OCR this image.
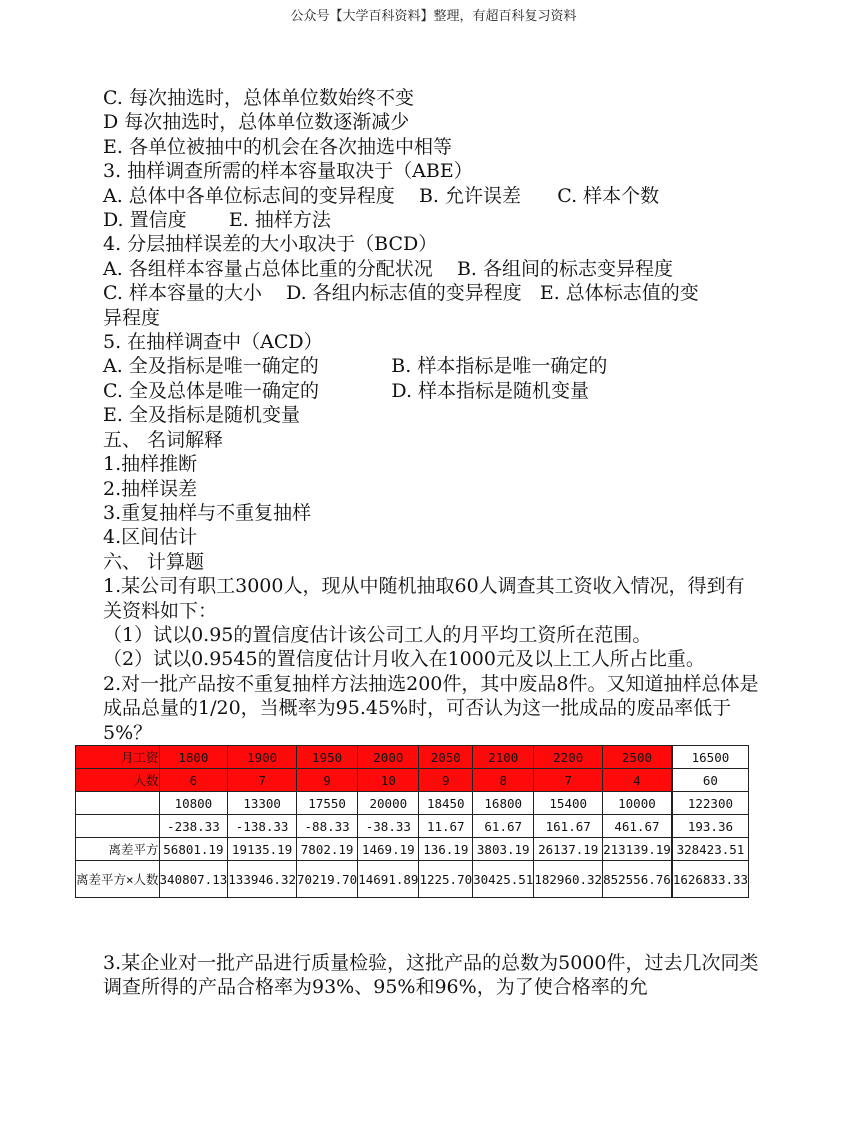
公众号【大学百科资料】整理，有超百科复习资料
C. 每次抽选时，总体单位数始终不变
D 每次抽选时，总体单位数逐渐减少
E. 各单位被抽中的机会在各次抽选中相等
3. 抽样调查所需的样本容量取决于（ABE）
A. 总体中各单位标志间的变异程度    B. 允许误差      C. 样本个数
D. 置信度       E. 抽样方法
4. 分层抽样误差的大小取决于（BCD）
A. 各组样本容量占总体比重的分配状况    B. 各组间的标志变异程度
C. 样本容量的大小    D. 各组内标志值的变异程度   E. 总体标志值的变
异程度
5. 在抽样调查中（ACD）
A. 全及指标是唯一确定的            B. 样本指标是唯一确定的
C. 全及总体是唯一确定的            D. 样本指标是随机变量
E. 全及指标是随机变量
五、 名词解释
1.抽样推断
2.抽样误差
3.重复抽样与不重复抽样
4.区间估计
六、 计算题
1.某公司有职工3000人，现从中随机抽取60人调查其工资收入情况，得到有关资料如下：
（1）试以0.95的置信度估计该公司工人的月平均工资所在范围。
（2）试以0.9545的置信度估计月收入在1000元及以上工人所占比重。
2.对一批产品按不重复抽样方法抽选200件，其中废品8件。又知道抽样总体是成品总量的1/20，当概率为95.45%时，可否认为这一批成品的废品率低于5%？
月工资	1800	1900	1950	2000	2050	2100	2200	2500	16500
人数	6	7	9	10	9	8	7	4	60
	10800	13300	17550	20000	18450	16800	15400	10000	122300
	-238.33	-138.33	-88.33	-38.33	11.67	61.67	161.67	461.67	193.36
离差平方	56801.19	19135.19	7802.19	1469.19	136.19	3803.19	26137.19	213139.19	328423.51
离差平方×人数	340807.13	133946.32	70219.70	14691.89	1225.70	30425.51	182960.32	852556.76	1626833.33
3.某企业对一批产品进行质量检验，这批产品的总数为5000件，过去几次同类调查所得的产品合格率为93%、95%和96%，为了使合格率的允
